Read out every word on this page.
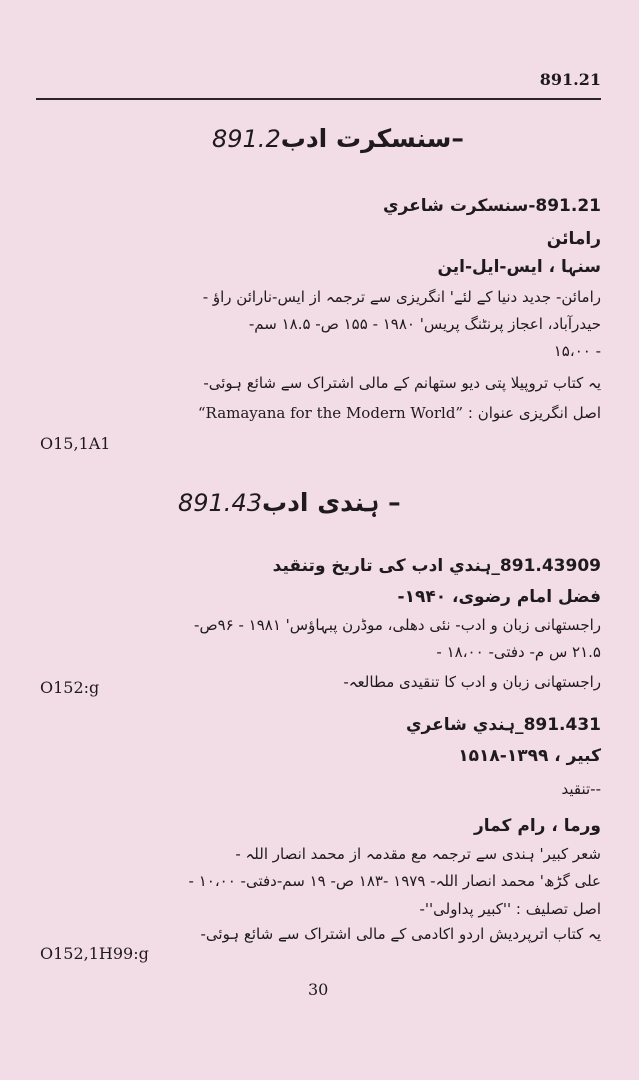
891.21
–سنسکرت ادب891.2
891.21-سنسکرت شاعري
رامائن
سنہا ، ایس-ایل-این
رامائن- جدید دنیا کے لئے' انگریزی سے ترجمہ از ایس-نارائن راؤ -
حیدرآباد، اعجاز پرنٹنگ پریس' ۱۹۸۰ - ۱۵۵ ص- ۱۸.۵ سم-
۱۵،۰۰ -
یہ کتاب تروپیلا پتی دیو ستھانم کے مالی اشتراک سے شائع ہوئی-
اصل انگریزی عنوان : “Ramayana for the Modern World”
O15,1A1
– ہندی ادب891.43
891.43909_ہندي ادب کی تاریخ وتنقید
فضل امام رضوی، ۱۹۴۰-
راجستھانی زبان و ادب- نئی دهلی، موڈرن پبہاؤس' ۱۹۸۱ - ۹۶ص-
۲۱.۵ س م- دفتی- ۱۸،۰۰ -
راجستھانی زبان و ادب کا تنقیدی مطالعہ-
O152:g
891.431_ہندي شاعري
کبیر ، ۱۳۹۹-۱۵۱۸
--تنقید
ورما ، رام کمار
شعر کبیر' ہندی سے ترجمہ مع مقدمہ از محمد انصار اللہ -
علی گڑھ' محمد انصار اللہ- ۱۹۷۹ -۱۸۳ ص- ۱۹ سم-دفتی- ۱۰،۰۰ -
اصل تصلیف : ''کبیر پداولی''-
یہ کتاب اترپردیش اردو اکادمی کے مالی اشتراک سے شائع ہوئی-
O152,1H99:g
30
